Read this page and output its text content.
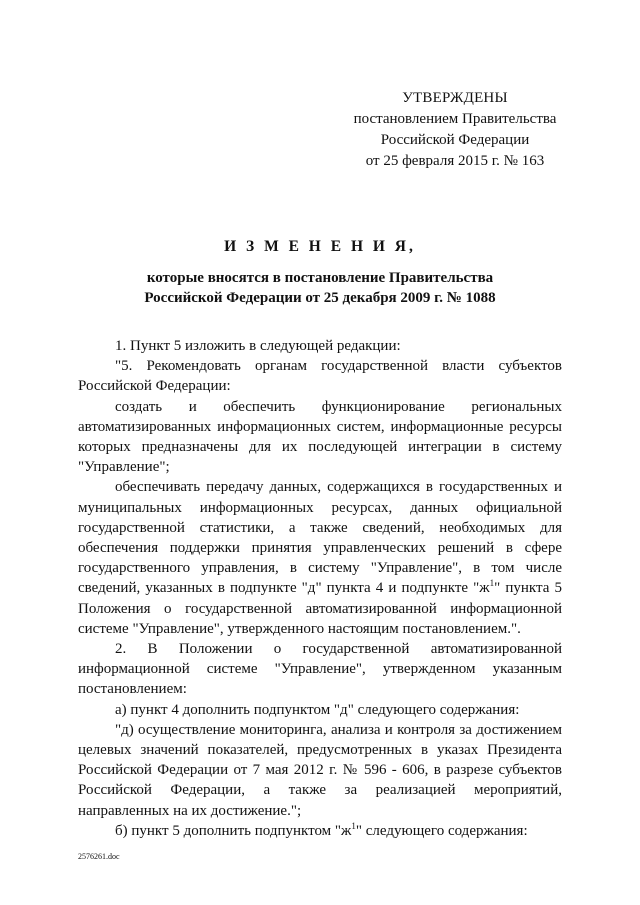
УТВЕРЖДЕНЫ
постановлением Правительства
Российской Федерации
от 25 февраля 2015 г. № 163
И З М Е Н Е Н И Я,
которые вносятся в постановление Правительства
Российской Федерации от 25 декабря 2009 г. № 1088

1. Пункт 5 изложить в следующей редакции:

"5. Рекомендовать органам государственной власти субъектов Российской Федерации:

создать и обеспечить функционирование региональных автоматизированных информационных систем, информационные ресурсы которых предназначены для их последующей интеграции в систему "Управление";

обеспечивать передачу данных, содержащихся в государственных и муниципальных информационных ресурсах, данных официальной государственной статистики, а также сведений, необходимых для обеспечения поддержки принятия управленческих решений в сфере государственного управления, в систему "Управление", в том числе сведений, указанных в подпункте "д" пункта 4 и подпункте "$ж^1$" пункта 5 Положения о государственной автоматизированной информационной системе "Управление", утвержденного настоящим постановлением.".

2. В Положении о государственной автоматизированной информационной системе "Управление", утвержденном указанным постановлением:

а) пункт 4 дополнить подпунктом "д" следующего содержания:

"д) осуществление мониторинга, анализа и контроля за достижением целевых значений показателей, предусмотренных в указах Президента Российской Федерации от 7 мая 2012 г. № 596 - 606, в разрезе субъектов Российской Федерации, а также за реализацией мероприятий, направленных на их достижение.";

б) пункт 5 дополнить подпунктом "$ж^1$" следующего содержания:

2576261.doc
